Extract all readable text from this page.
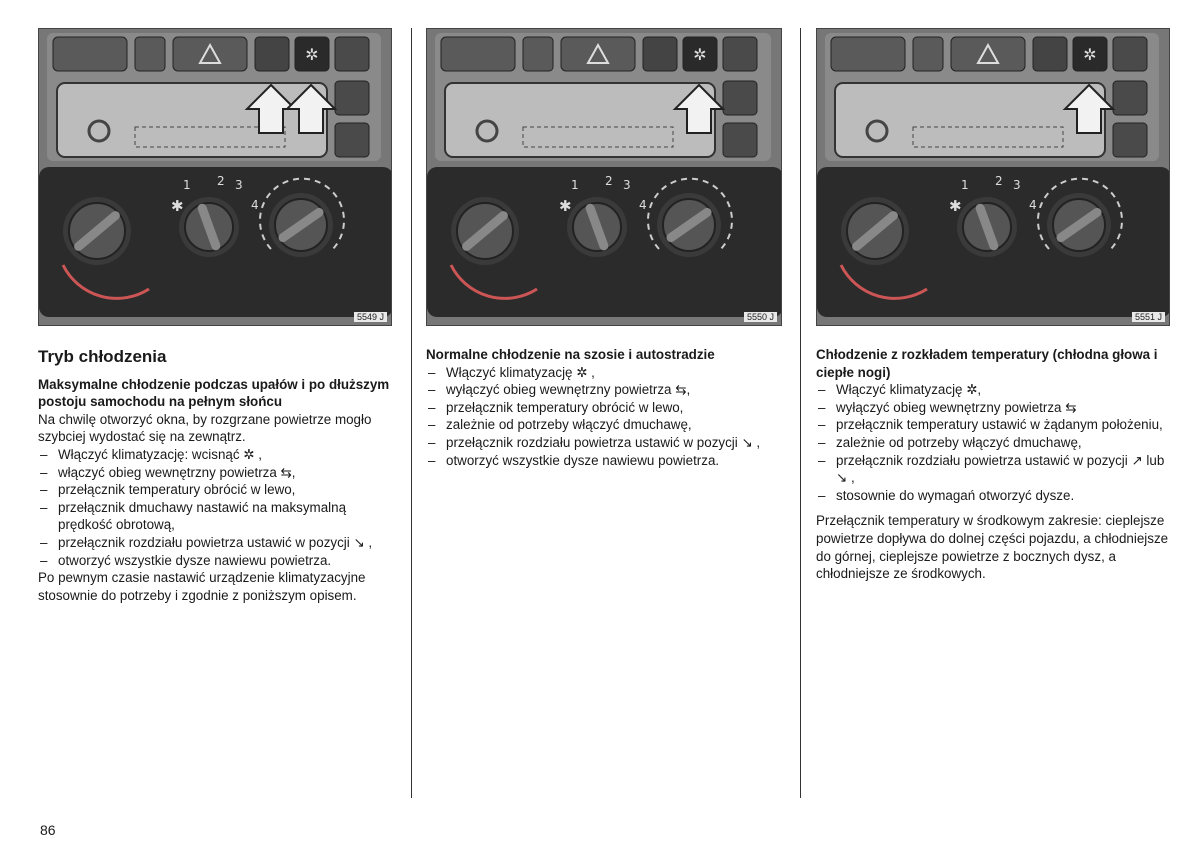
✲
✱
1 2 3
4
5549 J
Tryb chłodzenia
Maksymalne chłodzenie podczas upałów i po dłuższym postoju samochodu na pełnym słońcu
Na chwilę otworzyć okna, by rozgrzane powietrze mogło szybciej wydostać się na zewnątrz.
– Włączyć klimatyzację: wcisnąć ✲ ,
– włączyć obieg wewnętrzny powietrza ⇆,
– przełącznik temperatury obrócić w lewo,
– przełącznik dmuchawy nastawić na maksymalną prędkość obrotową,
– przełącznik rozdziału powietrza ustawić w pozycji ↘ ,
– otworzyć wszystkie dysze nawiewu powietrza.
Po pewnym czasie nastawić urządzenie klimatyzacyjne stosownie do potrzeby i zgodnie z poniższym opisem.
✲
✱
1 2 3
4
5550 J
Normalne chłodzenie na szosie i autostradzie
– Włączyć klimatyzację ✲ ,
– wyłączyć obieg wewnętrzny powietrza ⇆,
– przełącznik temperatury obrócić w lewo,
– zależnie od potrzeby włączyć dmuchawę,
– przełącznik rozdziału powietrza ustawić w pozycji ↘ ,
– otworzyć wszystkie dysze nawiewu powietrza.
✲
✱
1 2 3
4
5551 J
Chłodzenie z rozkładem temperatury (chłodna głowa i ciepłe nogi)
– Włączyć klimatyzację ✲,
– wyłączyć obieg wewnętrzny powietrza ⇆
– przełącznik temperatury ustawić w żądanym położeniu,
– zależnie od potrzeby włączyć dmuchawę,
– przełącznik rozdziału powietrza ustawić w pozycji ↗ lub ↘ ,
– stosownie do wymagań otworzyć dysze.
Przełącznik temperatury w środkowym zakresie: cieplejsze powietrze dopływa do dolnej części pojazdu, a chłodniejsze do górnej, cieplejsze powietrze z bocznych dysz, a chłodniejsze ze środkowych.
86
